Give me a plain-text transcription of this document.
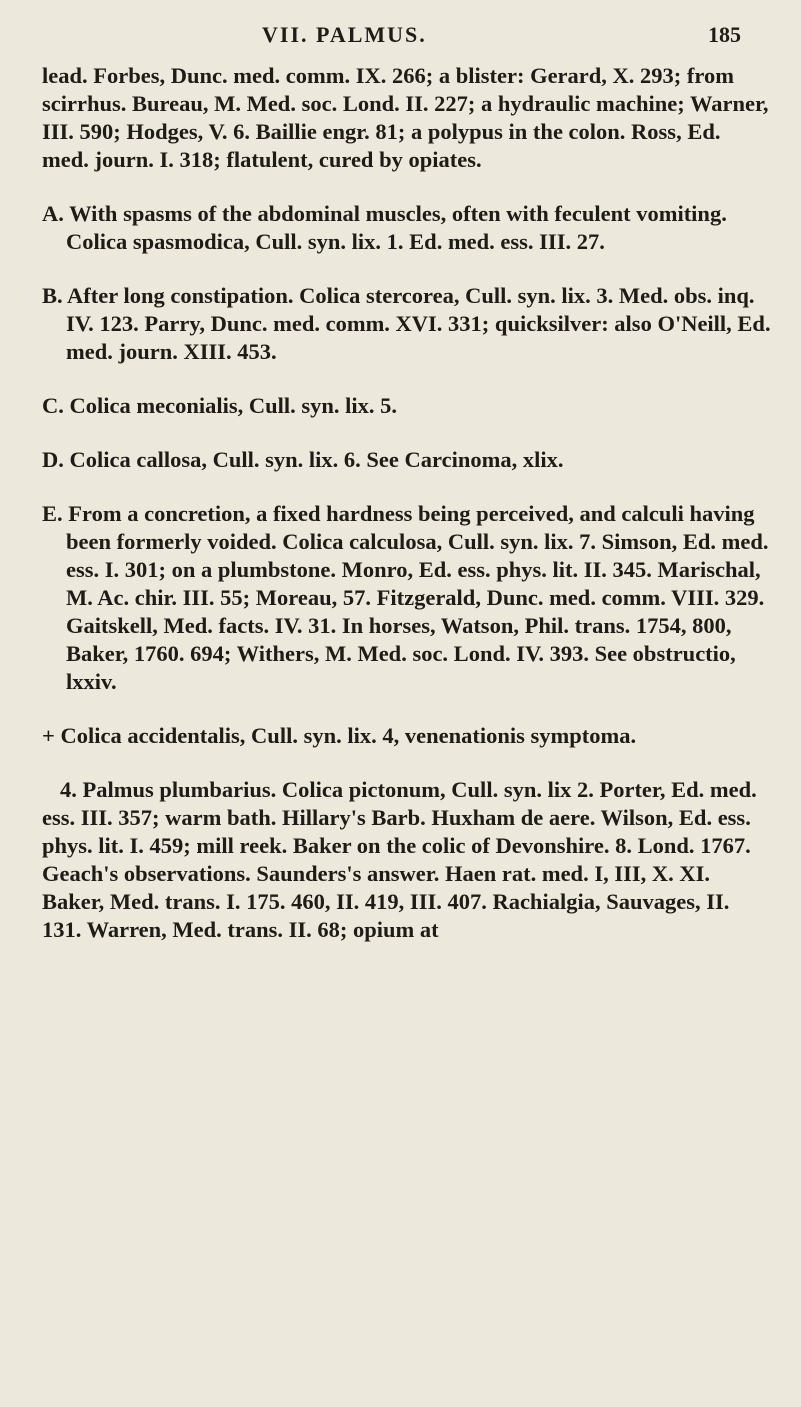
VII. PALMUS.	185

lead. Forbes, Dunc. med. comm. IX. 266; a blister: Gerard, X. 293; from scirrhus. Bureau, M. Med. soc. Lond. II. 227; a hydraulic machine; Warner, III. 590; Hodges, V. 6. Baillie engr. 81; a polypus in the colon. Ross, Ed. med. journ. I. 318; flatulent, cured by opiates.

A. With spasms of the abdominal muscles, often with feculent vomiting. Colica spasmodica, Cull. syn. lix. 1. Ed. med. ess. III. 27.

B. After long constipation. Colica stercorea, Cull. syn. lix. 3. Med. obs. inq. IV. 123. Parry, Dunc. med. comm. XVI. 331; quicksilver: also O'Neill, Ed. med. journ. XIII. 453.

C. Colica meconialis, Cull. syn. lix. 5.

D. Colica callosa, Cull. syn. lix. 6. See Carcinoma, xlix.

E. From a concretion, a fixed hardness being perceived, and calculi having been formerly voided. Colica calculosa, Cull. syn. lix. 7. Simson, Ed. med. ess. I. 301; on a plumbstone. Monro, Ed. ess. phys. lit. II. 345. Marischal, M. Ac. chir. III. 55; Moreau, 57. Fitzgerald, Dunc. med. comm. VIII. 329. Gaitskell, Med. facts. IV. 31. In horses, Watson, Phil. trans. 1754, 800, Baker, 1760. 694; Withers, M. Med. soc. Lond. IV. 393. See obstructio, lxxiv.

+ Colica accidentalis, Cull. syn. lix. 4, venenationis symptoma.

4. Palmus plumbarius. Colica pictonum, Cull. syn. lix 2. Porter, Ed. med. ess. III. 357; warm bath. Hillary's Barb. Huxham de aere. Wilson, Ed. ess. phys. lit. I. 459; mill reek. Baker on the colic of Devonshire. 8. Lond. 1767. Geach's observations. Saunders's answer. Haen rat. med. I, III, X. XI. Baker, Med. trans. I. 175. 460, II. 419, III. 407. Rachialgia, Sauvages, II. 131. Warren, Med. trans. II. 68; opium at
